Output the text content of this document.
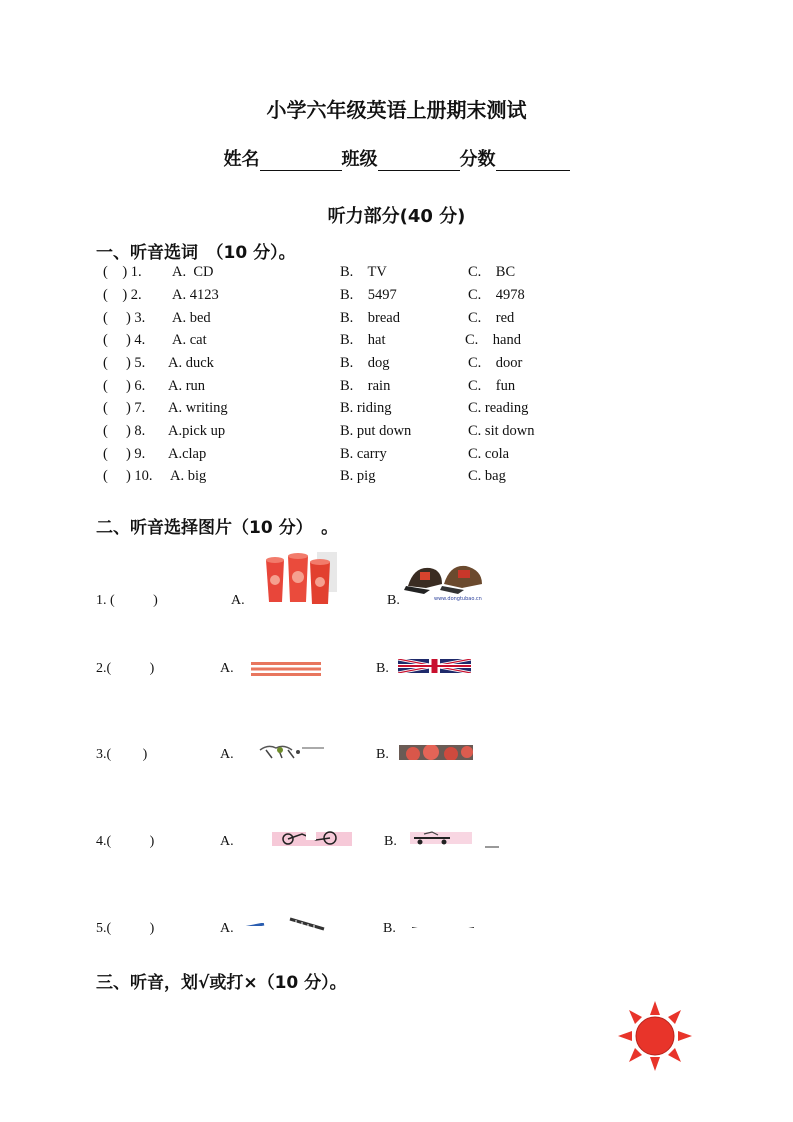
小学六年级英语上册期末测试
姓名	班级	分数
听力部分(40 分)
一、听音选词　（10 分）。
(    ) 1. A.  CD	B.    TV	C.    BC
(    ) 2. A. 4123	B.    5497	C.    4978
(     ) 3. A. bed	B.    bread	C.    red
(     ) 4. A. cat	B.    hat	C.    hand
(     ) 5. A. duck	B.    dog	C.    door
(     ) 6. A. run	B.    rain	C.    fun
(     ) 7. A. writing	B. riding	C. reading
(     ) 8. A.pick up	B. put down	C. sit down
(     ) 9. A.clap	B. carry	C. cola
(     ) 10. A. big	B. pig	C. bag
二、听音选择图片（10 分）　。
1. (           )	A.	B.	www.dongtubao.cn
2.(           )	A.	B.
3.(         )	A.	B.
4.(           )	A.	B.
5.(           )	A.	B.
三、听音，划√或打×（10 分）。
